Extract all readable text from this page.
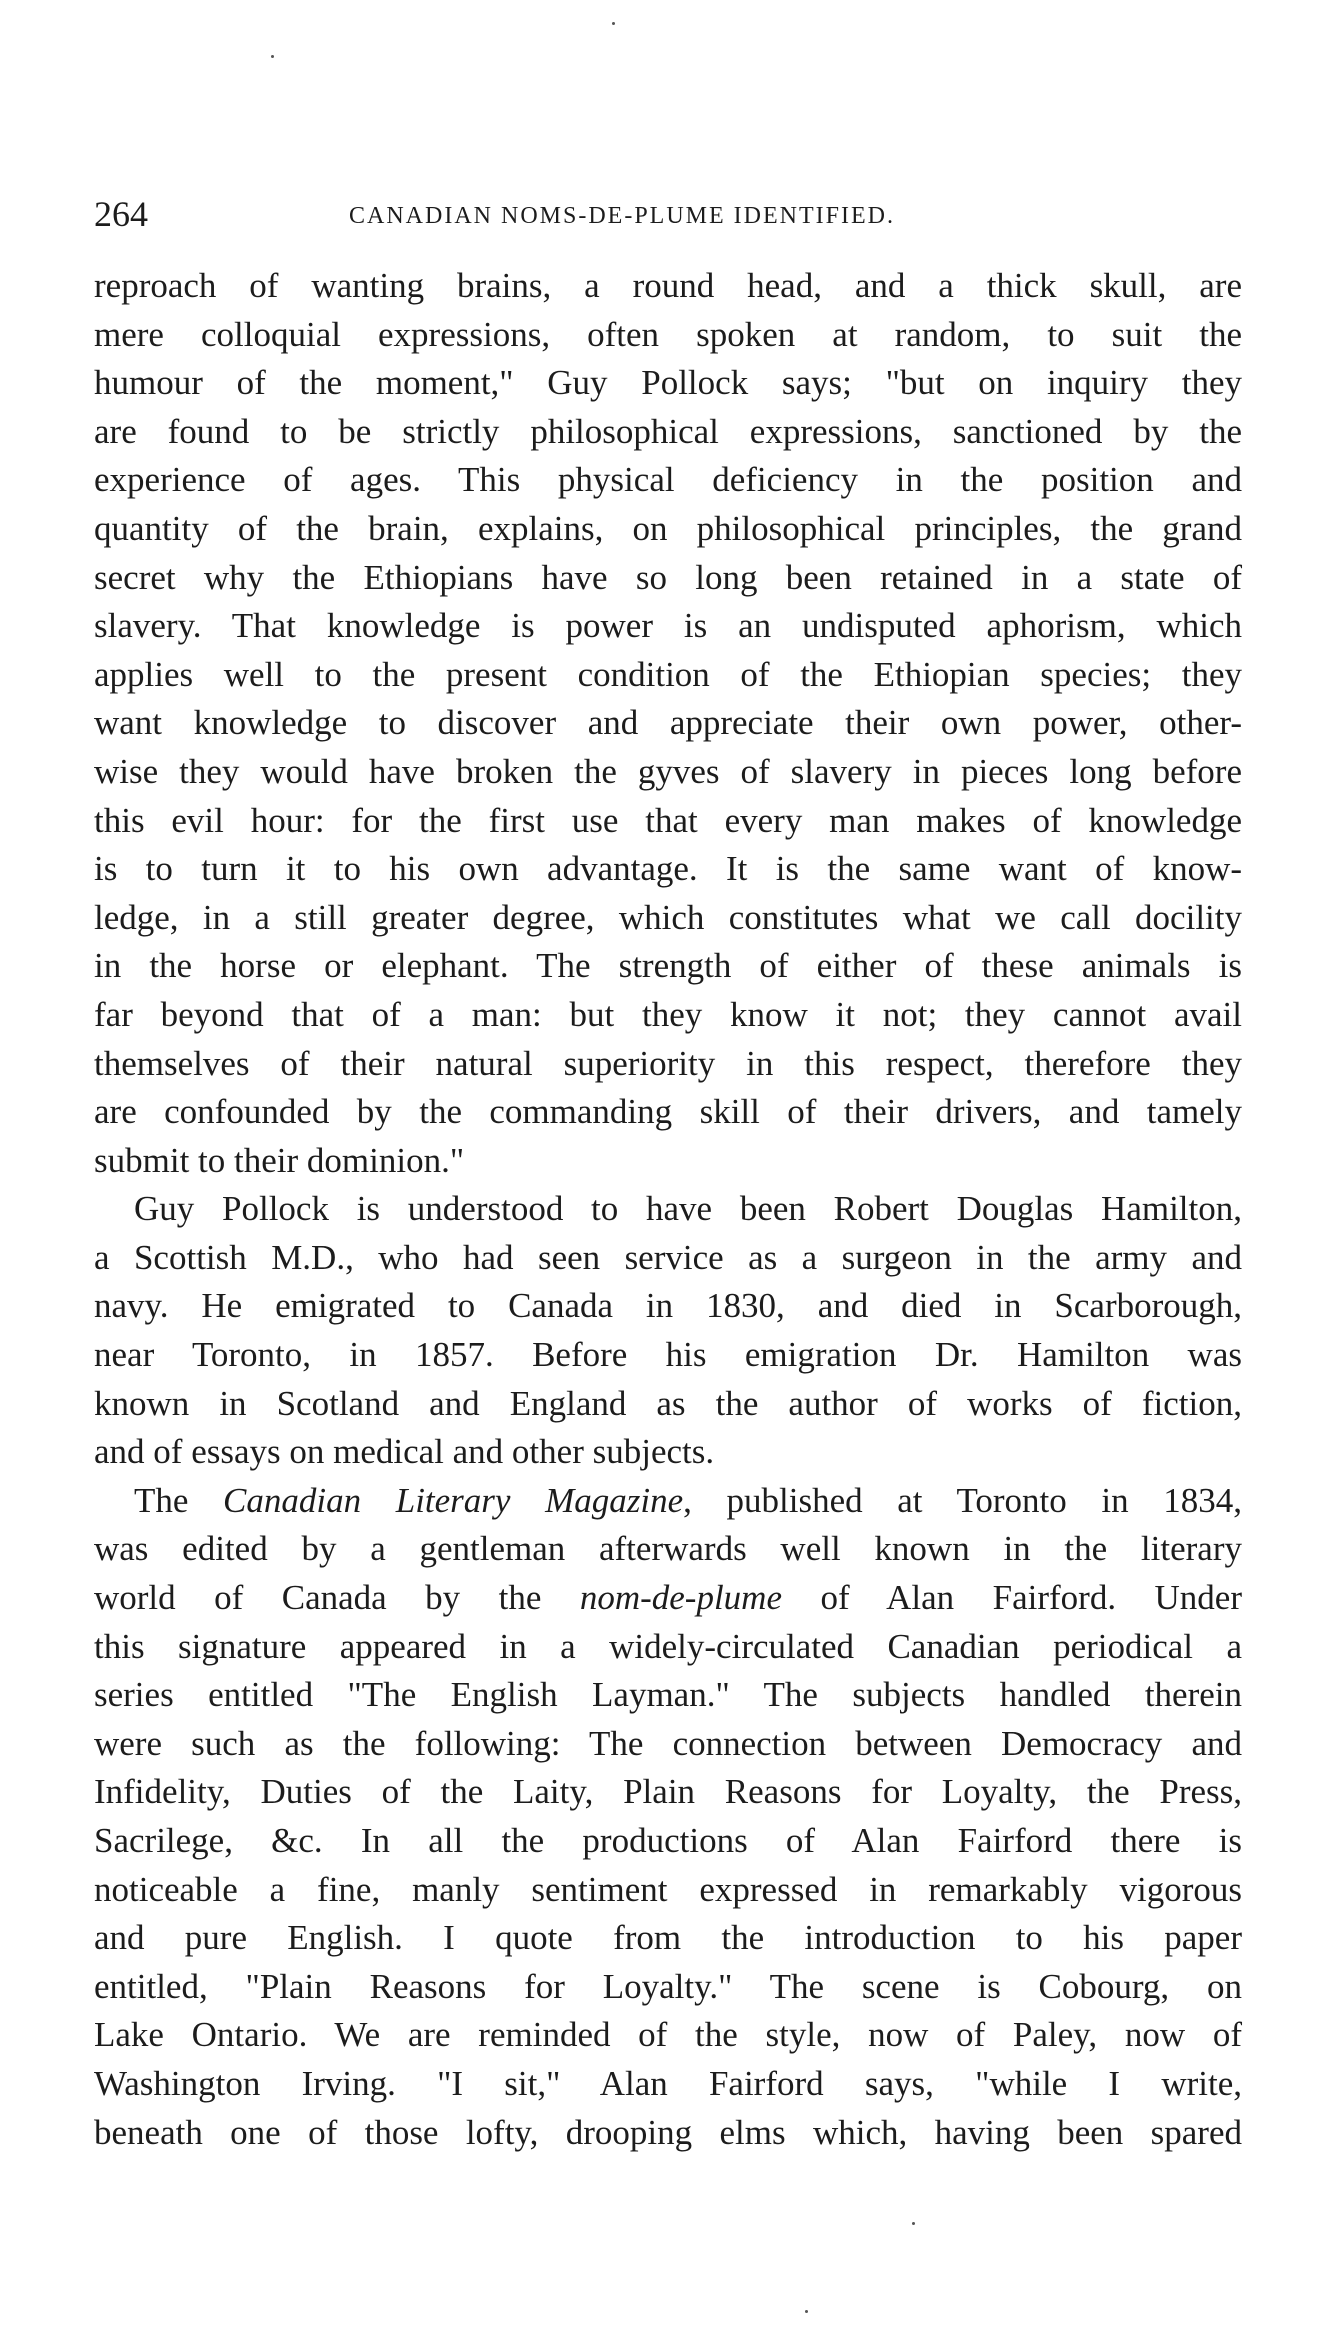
264	CANADIAN NOMS-DE-PLUME IDENTIFIED.
reproach of wanting brains, a round head, and a thick skull, are
mere colloquial expressions, often spoken at random, to suit the
humour of the moment," Guy Pollock says; "but on inquiry they
are found to be strictly philosophical expressions, sanctioned by the
experience of ages. This physical deficiency in the position and
quantity of the brain, explains, on philosophical principles, the grand
secret why the Ethiopians have so long been retained in a state of
slavery. That knowledge is power is an undisputed aphorism, which
applies well to the present condition of the Ethiopian species; they
want knowledge to discover and appreciate their own power, other-
wise they would have broken the gyves of slavery in pieces long before
this evil hour: for the first use that every man makes of knowledge
is to turn it to his own advantage. It is the same want of know-
ledge, in a still greater degree, which constitutes what we call docility
in the horse or elephant. The strength of either of these animals is
far beyond that of a man: but they know it not; they cannot avail
themselves of their natural superiority in this respect, therefore they
are confounded by the commanding skill of their drivers, and tamely
submit to their dominion."
Guy Pollock is understood to have been Robert Douglas Hamilton,
a Scottish M.D., who had seen service as a surgeon in the army and
navy. He emigrated to Canada in 1830, and died in Scarborough,
near Toronto, in 1857. Before his emigration Dr. Hamilton was
known in Scotland and England as the author of works of fiction,
and of essays on medical and other subjects.
The Canadian Literary Magazine, published at Toronto in 1834,
was edited by a gentleman afterwards well known in the literary
world of Canada by the nom-de-plume of Alan Fairford. Under
this signature appeared in a widely-circulated Canadian periodical a
series entitled "The English Layman." The subjects handled therein
were such as the following: The connection between Democracy and
Infidelity, Duties of the Laity, Plain Reasons for Loyalty, the Press,
Sacrilege, &c. In all the productions of Alan Fairford there is
noticeable a fine, manly sentiment expressed in remarkably vigorous
and pure English. I quote from the introduction to his paper
entitled, "Plain Reasons for Loyalty." The scene is Cobourg, on
Lake Ontario. We are reminded of the style, now of Paley, now of
Washington Irving. "I sit," Alan Fairford says, "while I write,
beneath one of those lofty, drooping elms which, having been spared
